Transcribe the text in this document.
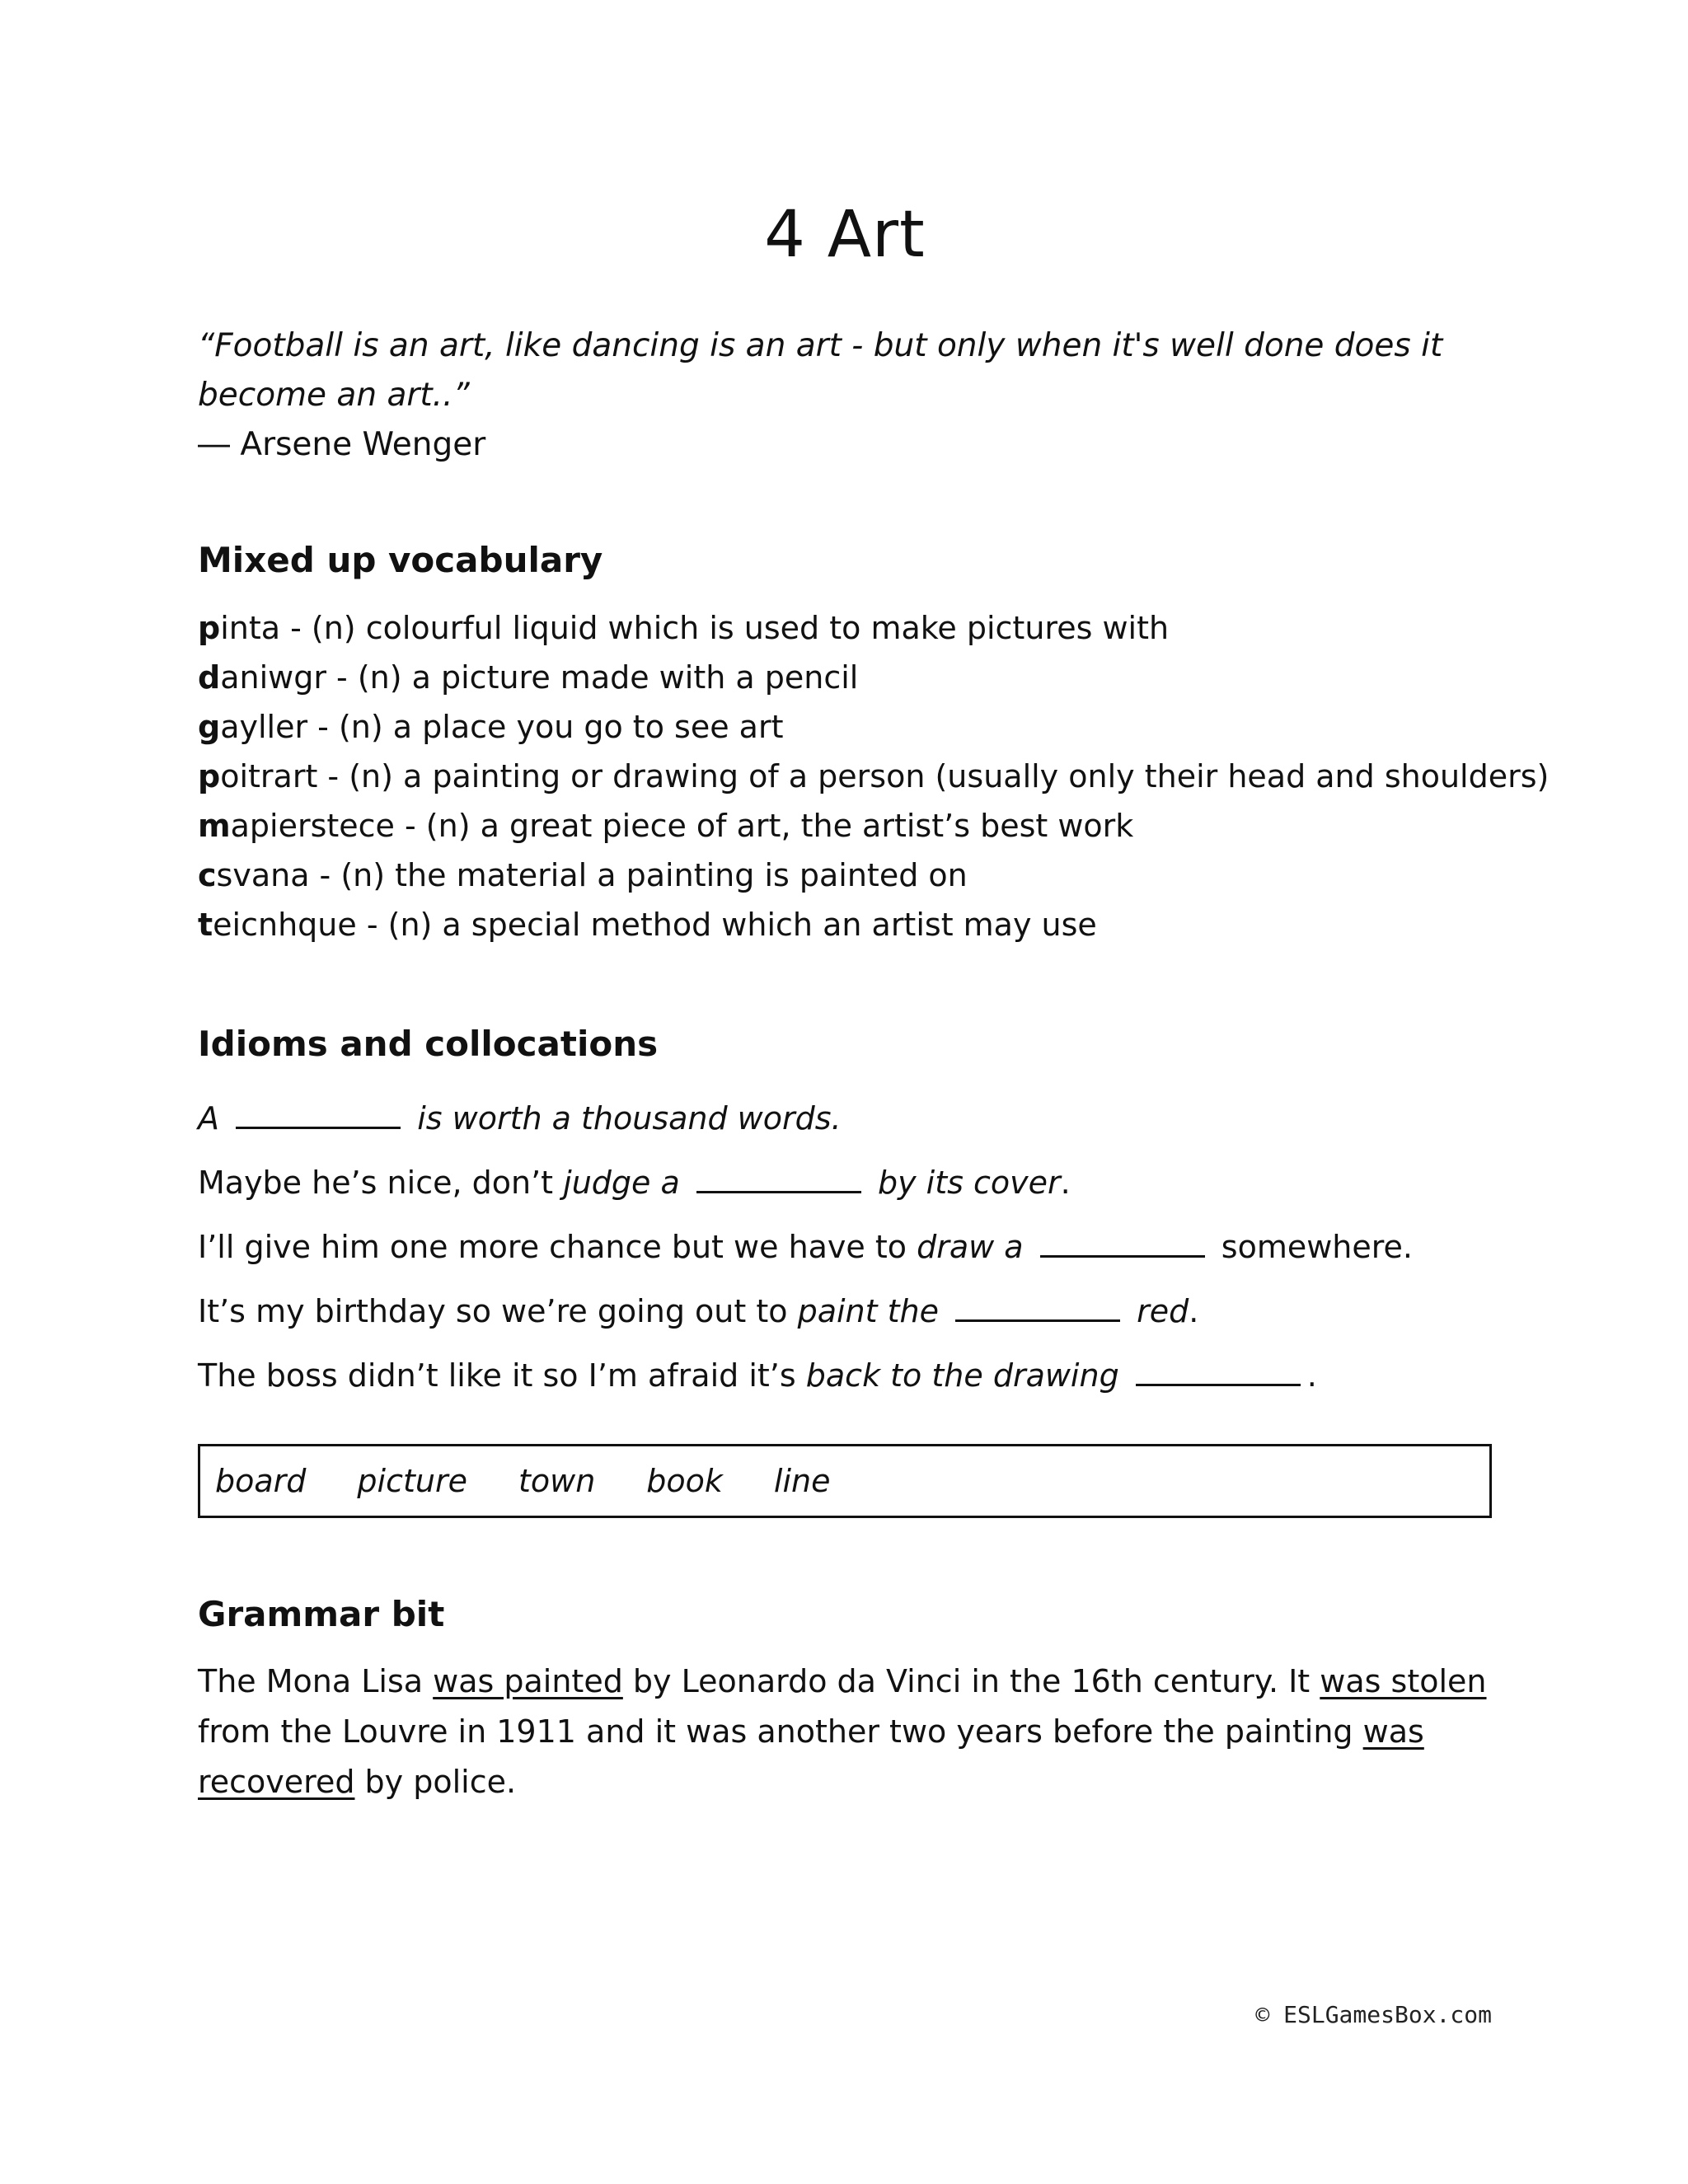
4 Art

“Football is an art, like dancing is an art - but only when it's well done does it become an art..”

― Arsene Wenger
Mixed up vocabulary
pinta - (n) colourful liquid which is used to make pictures with
daniwgr - (n) a picture made with a pencil
gayller - (n) a place you go to see art
poitrart - (n) a painting or drawing of a person (usually only their head and shoulders)
mapierstece - (n) a great piece of art, the artist’s best work
csvana - (n) the material a painting is painted on
teicnhque - (n) a special method which an artist may use
Idioms and collocations
A	is worth a thousand words.
Maybe he’s nice, don’t judge a	by its cover.
I’ll give him one more chance but we have to draw a	somewhere.
It’s my birthday so we’re going out to paint the	red.
The boss didn’t like it so I’m afraid it’s back to the drawing	.
board picture town book line
Grammar bit

The Mona Lisa was painted by Leonardo da Vinci in the 16th century. It was stolen from the Louvre in 1911 and it was another two years before the painting was recovered by police.

© ESLGamesBox.com
